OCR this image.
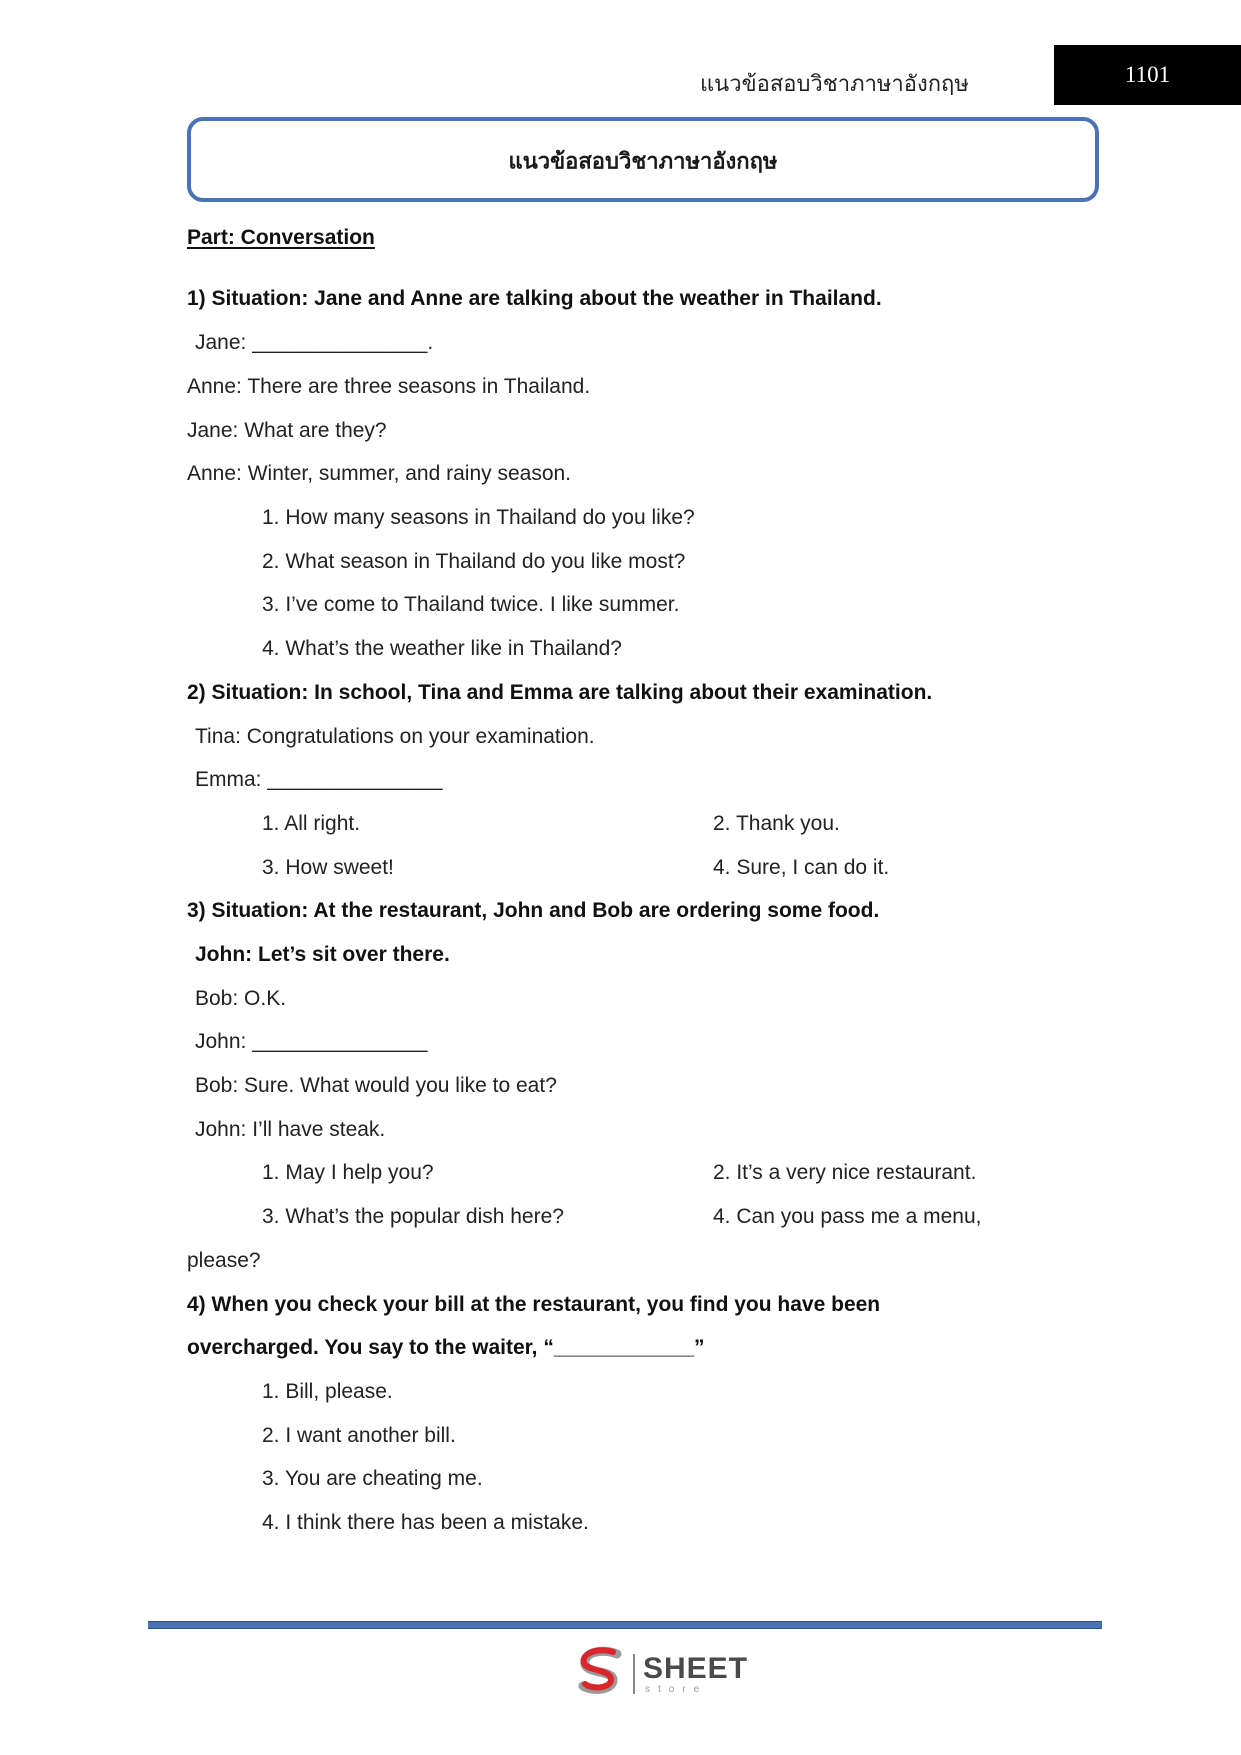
แนวข้อสอบวิชาภาษาอังกฤษ	1101
แนวข้อสอบวิชาภาษาอังกฤษ
Part: Conversation
1) Situation: Jane and Anne are talking about the weather in Thailand.
Jane: _______________.
Anne: There are three seasons in Thailand.
Jane: What are they?
Anne: Winter, summer, and rainy season.
1. How many seasons in Thailand do you like?
2. What season in Thailand do you like most?
3. I’ve come to Thailand twice. I like summer.
4. What’s the weather like in Thailand?
2) Situation: In school, Tina and Emma are talking about their examination.
Tina: Congratulations on your examination.
Emma: _______________
1. All right.	2. Thank you.
3. How sweet!	4. Sure, I can do it.
3) Situation: At the restaurant, John and Bob are ordering some food.
John: Let’s sit over there.
Bob: O.K.
John: _______________
Bob: Sure. What would you like to eat?
John: I’ll have steak.
1. May I help you?	2. It’s a very nice restaurant.
3. What’s the popular dish here?	4. Can you pass me a menu,
please?
4) When you check your bill at the restaurant, you find you have been
overcharged. You say to the waiter, “____________”
1. Bill, please.
2. I want another bill.
3. You are cheating me.
4. I think there has been a mistake.
SHEET
store
